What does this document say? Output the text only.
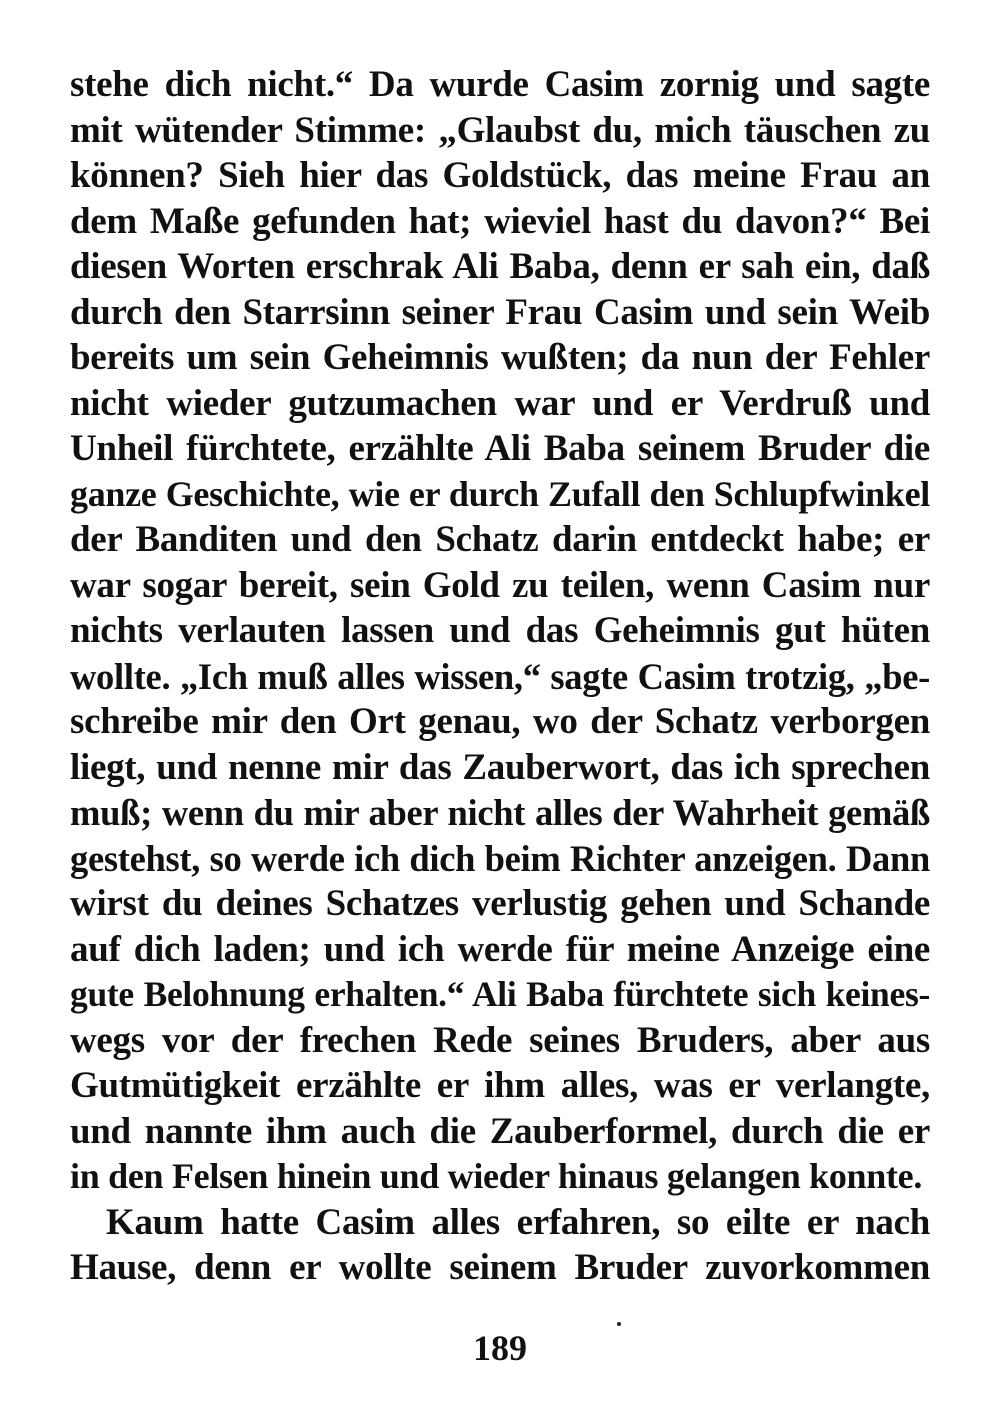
stehe dich nicht.“ Da wurde Casim zornig und sagte
mit wütender Stimme: „Glaubst du, mich täuschen zu
können? Sieh hier das Goldstück, das meine Frau an
dem Maße gefunden hat; wieviel hast du davon?“ Bei
diesen Worten erschrak Ali Baba, denn er sah ein, daß
durch den Starrsinn seiner Frau Casim und sein Weib
bereits um sein Geheimnis wußten; da nun der Fehler
nicht wieder gutzumachen war und er Verdruß und
Unheil fürchtete, erzählte Ali Baba seinem Bruder die
ganze Geschichte, wie er durch Zufall den Schlupfwinkel
der Banditen und den Schatz darin entdeckt habe; er
war sogar bereit, sein Gold zu teilen, wenn Casim nur
nichts verlauten lassen und das Geheimnis gut hüten
wollte. „Ich muß alles wissen,“ sagte Casim trotzig, „be-
schreibe mir den Ort genau, wo der Schatz verborgen
liegt, und nenne mir das Zauberwort, das ich sprechen
muß; wenn du mir aber nicht alles der Wahrheit gemäß
gestehst, so werde ich dich beim Richter anzeigen. Dann
wirst du deines Schatzes verlustig gehen und Schande
auf dich laden; und ich werde für meine Anzeige eine
gute Belohnung erhalten.“ Ali Baba fürchtete sich keines-
wegs vor der frechen Rede seines Bruders, aber aus
Gutmütigkeit erzählte er ihm alles, was er verlangte,
und nannte ihm auch die Zauberformel, durch die er
in den Felsen hinein und wieder hinaus gelangen konnte.
Kaum hatte Casim alles erfahren, so eilte er nach
Hause, denn er wollte seinem Bruder zuvorkommen
189
